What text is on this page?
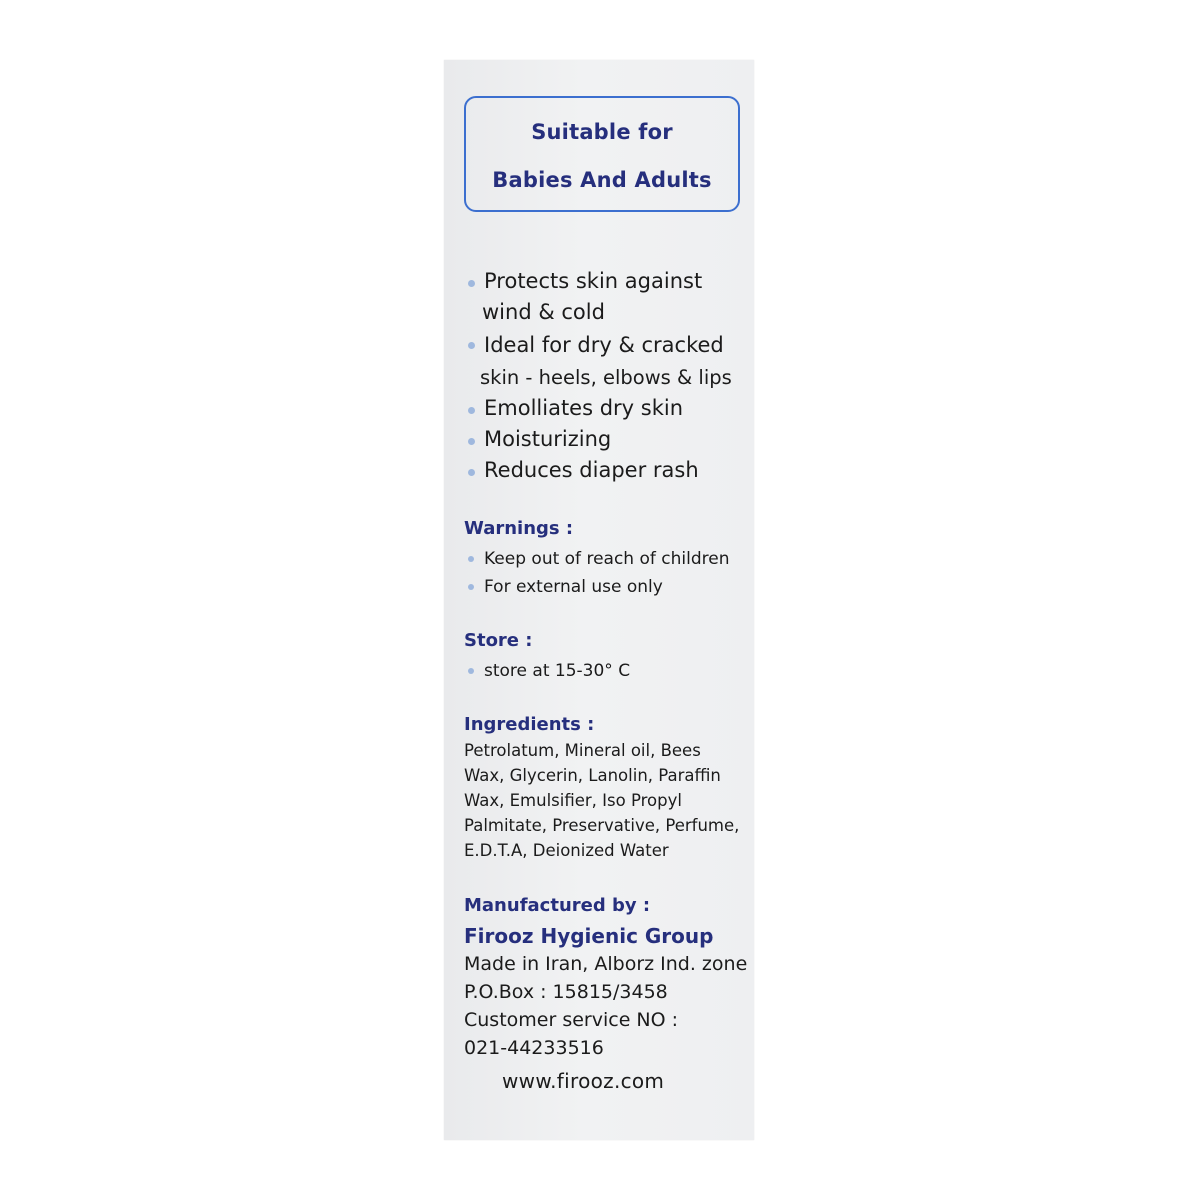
Suitable for
Babies And Adults
Protects skin against
wind & cold
Ideal for dry & cracked
skin - heels, elbows & lips
Emolliates dry skin
Moisturizing
Reduces diaper rash
Warnings :
Keep out of reach of children
For external use only
Store :
store at 15-30° C
Ingredients :
Petrolatum, Mineral oil, Bees
Wax, Glycerin, Lanolin, Paraffin
Wax, Emulsifier, Iso Propyl
Palmitate, Preservative, Perfume,
E.D.T.A, Deionized Water
Manufactured by :
Firooz Hygienic Group
Made in Iran, Alborz Ind. zone
P.O.Box : 15815/3458
Customer service NO :
021-44233516
www.firooz.com
